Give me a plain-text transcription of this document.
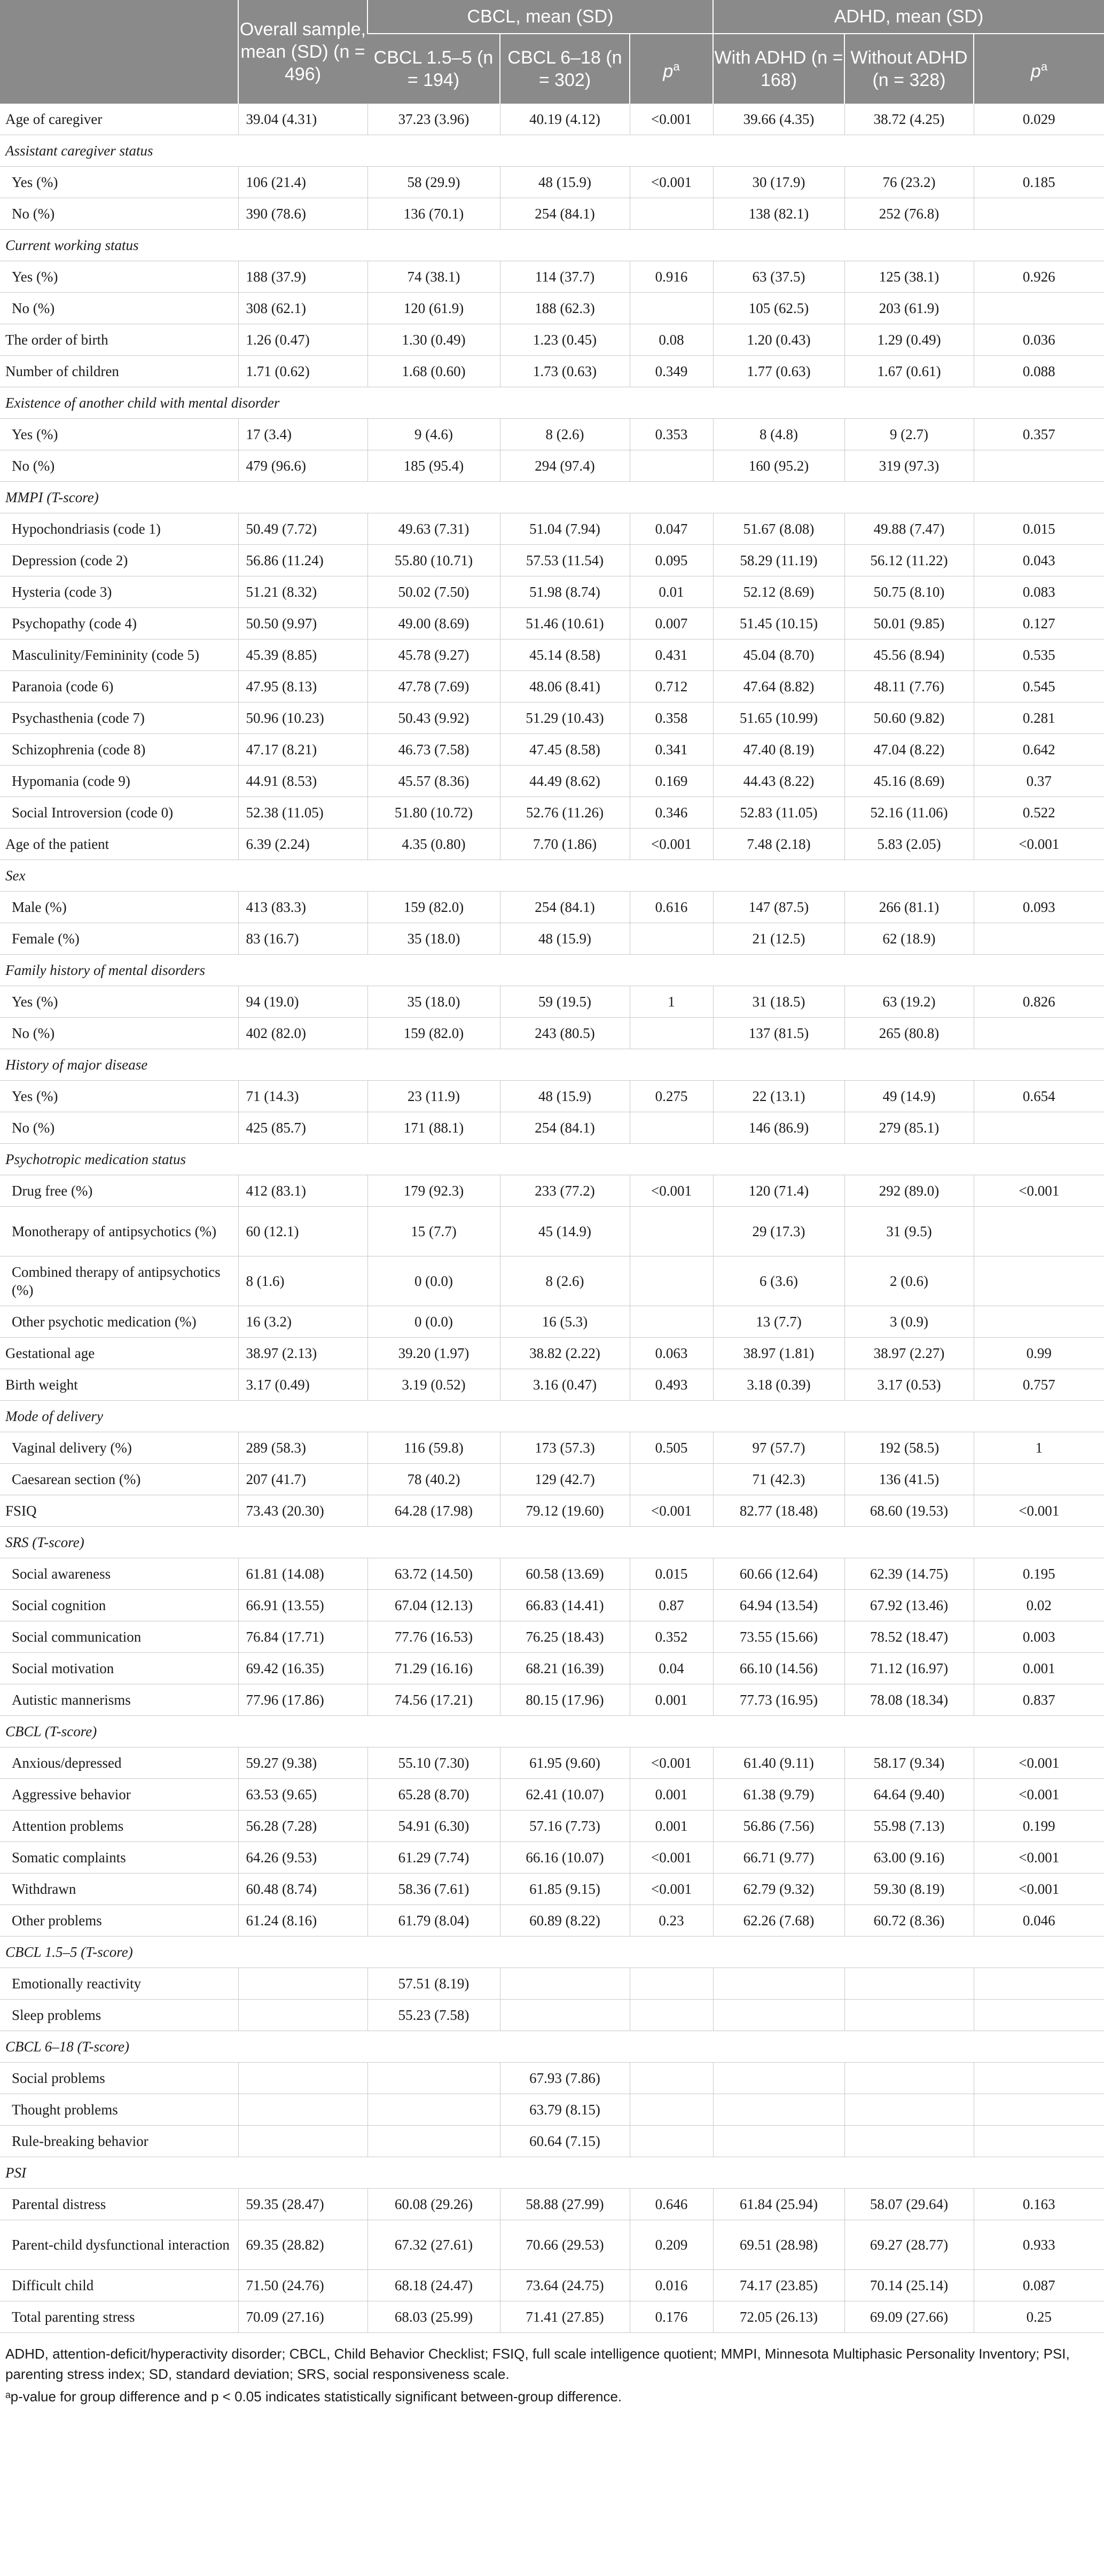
	Overall sample, mean (SD) (n = 496)	CBCL, mean (SD)			ADHD, mean (SD)		
		CBCL 1.5–5 (n = 194)	CBCL 6–18 (n = 302)	$p^a$	With ADHD (n = 168)	Without ADHD (n = 328)	$p^a$
Age of caregiver	39.04 (4.31)	37.23 (3.96)	40.19 (4.12)	<0.001	39.66 (4.35)	38.72 (4.25)	0.029
Assistant caregiver status							
Yes (%)	106 (21.4)	58 (29.9)	48 (15.9)	<0.001	30 (17.9)	76 (23.2)	0.185
No (%)	390 (78.6)	136 (70.1)	254 (84.1)		138 (82.1)	252 (76.8)	
Current working status							
Yes (%)	188 (37.9)	74 (38.1)	114 (37.7)	0.916	63 (37.5)	125 (38.1)	0.926
No (%)	308 (62.1)	120 (61.9)	188 (62.3)		105 (62.5)	203 (61.9)	
The order of birth	1.26 (0.47)	1.30 (0.49)	1.23 (0.45)	0.08	1.20 (0.43)	1.29 (0.49)	0.036
Number of children	1.71 (0.62)	1.68 (0.60)	1.73 (0.63)	0.349	1.77 (0.63)	1.67 (0.61)	0.088
Existence of another child with mental disorder							
Yes (%)	17 (3.4)	9 (4.6)	8 (2.6)	0.353	8 (4.8)	9 (2.7)	0.357
No (%)	479 (96.6)	185 (95.4)	294 (97.4)		160 (95.2)	319 (97.3)	
MMPI (T-score)							
Hypochondriasis (code 1)	50.49 (7.72)	49.63 (7.31)	51.04 (7.94)	0.047	51.67 (8.08)	49.88 (7.47)	0.015
Depression (code 2)	56.86 (11.24)	55.80 (10.71)	57.53 (11.54)	0.095	58.29 (11.19)	56.12 (11.22)	0.043
Hysteria (code 3)	51.21 (8.32)	50.02 (7.50)	51.98 (8.74)	0.01	52.12 (8.69)	50.75 (8.10)	0.083
Psychopathy (code 4)	50.50 (9.97)	49.00 (8.69)	51.46 (10.61)	0.007	51.45 (10.15)	50.01 (9.85)	0.127
Masculinity/Femininity (code 5)	45.39 (8.85)	45.78 (9.27)	45.14 (8.58)	0.431	45.04 (8.70)	45.56 (8.94)	0.535
Paranoia (code 6)	47.95 (8.13)	47.78 (7.69)	48.06 (8.41)	0.712	47.64 (8.82)	48.11 (7.76)	0.545
Psychasthenia (code 7)	50.96 (10.23)	50.43 (9.92)	51.29 (10.43)	0.358	51.65 (10.99)	50.60 (9.82)	0.281
Schizophrenia (code 8)	47.17 (8.21)	46.73 (7.58)	47.45 (8.58)	0.341	47.40 (8.19)	47.04 (8.22)	0.642
Hypomania (code 9)	44.91 (8.53)	45.57 (8.36)	44.49 (8.62)	0.169	44.43 (8.22)	45.16 (8.69)	0.37
Social Introversion (code 0)	52.38 (11.05)	51.80 (10.72)	52.76 (11.26)	0.346	52.83 (11.05)	52.16 (11.06)	0.522
Age of the patient	6.39 (2.24)	4.35 (0.80)	7.70 (1.86)	<0.001	7.48 (2.18)	5.83 (2.05)	<0.001
Sex							
Male (%)	413 (83.3)	159 (82.0)	254 (84.1)	0.616	147 (87.5)	266 (81.1)	0.093
Female (%)	83 (16.7)	35 (18.0)	48 (15.9)		21 (12.5)	62 (18.9)	
Family history of mental disorders							
Yes (%)	94 (19.0)	35 (18.0)	59 (19.5)	1	31 (18.5)	63 (19.2)	0.826
No (%)	402 (82.0)	159 (82.0)	243 (80.5)		137 (81.5)	265 (80.8)	
History of major disease							
Yes (%)	71 (14.3)	23 (11.9)	48 (15.9)	0.275	22 (13.1)	49 (14.9)	0.654
No (%)	425 (85.7)	171 (88.1)	254 (84.1)		146 (86.9)	279 (85.1)	
Psychotropic medication status							
Drug free (%)	412 (83.1)	179 (92.3)	233 (77.2)	<0.001	120 (71.4)	292 (89.0)	<0.001
Monotherapy of antipsychotics (%)	60 (12.1)	15 (7.7)	45 (14.9)		29 (17.3)	31 (9.5)	
Combined therapy of antipsychotics (%)	8 (1.6)	0 (0.0)	8 (2.6)		6 (3.6)	2 (0.6)	
Other psychotic medication (%)	16 (3.2)	0 (0.0)	16 (5.3)		13 (7.7)	3 (0.9)	
Gestational age	38.97 (2.13)	39.20 (1.97)	38.82 (2.22)	0.063	38.97 (1.81)	38.97 (2.27)	0.99
Birth weight	3.17 (0.49)	3.19 (0.52)	3.16 (0.47)	0.493	3.18 (0.39)	3.17 (0.53)	0.757
Mode of delivery							
Vaginal delivery (%)	289 (58.3)	116 (59.8)	173 (57.3)	0.505	97 (57.7)	192 (58.5)	1
Caesarean section (%)	207 (41.7)	78 (40.2)	129 (42.7)		71 (42.3)	136 (41.5)	
FSIQ	73.43 (20.30)	64.28 (17.98)	79.12 (19.60)	<0.001	82.77 (18.48)	68.60 (19.53)	<0.001
SRS (T-score)							
Social awareness	61.81 (14.08)	63.72 (14.50)	60.58 (13.69)	0.015	60.66 (12.64)	62.39 (14.75)	0.195
Social cognition	66.91 (13.55)	67.04 (12.13)	66.83 (14.41)	0.87	64.94 (13.54)	67.92 (13.46)	0.02
Social communication	76.84 (17.71)	77.76 (16.53)	76.25 (18.43)	0.352	73.55 (15.66)	78.52 (18.47)	0.003
Social motivation	69.42 (16.35)	71.29 (16.16)	68.21 (16.39)	0.04	66.10 (14.56)	71.12 (16.97)	0.001
Autistic mannerisms	77.96 (17.86)	74.56 (17.21)	80.15 (17.96)	0.001	77.73 (16.95)	78.08 (18.34)	0.837
CBCL (T-score)							
Anxious/depressed	59.27 (9.38)	55.10 (7.30)	61.95 (9.60)	<0.001	61.40 (9.11)	58.17 (9.34)	<0.001
Aggressive behavior	63.53 (9.65)	65.28 (8.70)	62.41 (10.07)	0.001	61.38 (9.79)	64.64 (9.40)	<0.001
Attention problems	56.28 (7.28)	54.91 (6.30)	57.16 (7.73)	0.001	56.86 (7.56)	55.98 (7.13)	0.199
Somatic complaints	64.26 (9.53)	61.29 (7.74)	66.16 (10.07)	<0.001	66.71 (9.77)	63.00 (9.16)	<0.001
Withdrawn	60.48 (8.74)	58.36 (7.61)	61.85 (9.15)	<0.001	62.79 (9.32)	59.30 (8.19)	<0.001
Other problems	61.24 (8.16)	61.79 (8.04)	60.89 (8.22)	0.23	62.26 (7.68)	60.72 (8.36)	0.046
CBCL 1.5–5 (T-score)							
Emotionally reactivity		57.51 (8.19)					
Sleep problems		55.23 (7.58)					
CBCL 6–18 (T-score)							
Social problems			67.93 (7.86)				
Thought problems			63.79 (8.15)				
Rule-breaking behavior			60.64 (7.15)				
PSI							
Parental distress	59.35 (28.47)	60.08 (29.26)	58.88 (27.99)	0.646	61.84 (25.94)	58.07 (29.64)	0.163
Parent-child dysfunctional interaction	69.35 (28.82)	67.32 (27.61)	70.66 (29.53)	0.209	69.51 (28.98)	69.27 (28.77)	0.933
Difficult child	71.50 (24.76)	68.18 (24.47)	73.64 (24.75)	0.016	74.17 (23.85)	70.14 (25.14)	0.087
Total parenting stress	70.09 (27.16)	68.03 (25.99)	71.41 (27.85)	0.176	72.05 (26.13)	69.09 (27.66)	0.25
ADHD, attention-deficit/hyperactivity disorder; CBCL, Child Behavior Checklist; FSIQ, full scale intelligence quotient; MMPI, Minnesota Multiphasic Personality Inventory; PSI, parenting stress index; SD, standard deviation; SRS, social responsiveness scale.
ᵃp-value for group difference and p < 0.05 indicates statistically significant between-group difference.
